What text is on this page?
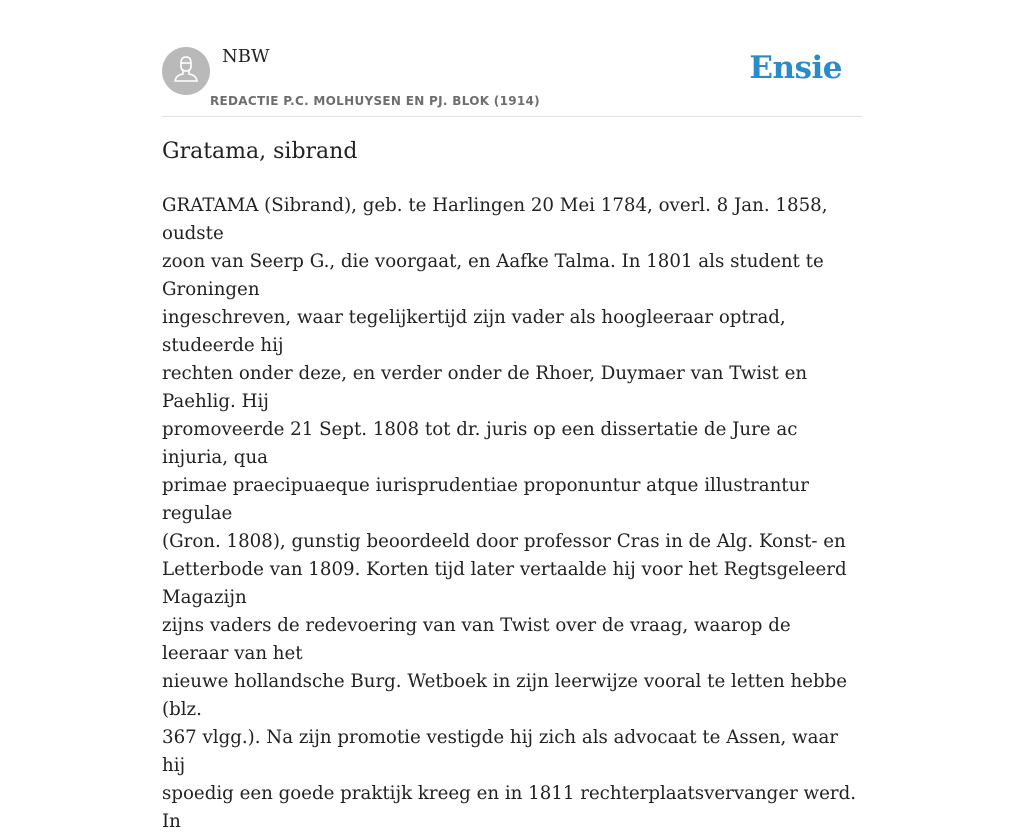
NBW
REDACTIE P.C. MOLHUYSEN EN PJ. BLOK (1914)
Ensie
Gratama, sibrand
GRATAMA (Sibrand), geb. te Harlingen 20 Mei 1784, overl. 8 Jan. 1858, oudste
zoon van Seerp G., die voorgaat, en Aafke Talma. In 1801 als student te Groningen
ingeschreven, waar tegelijkertijd zijn vader als hoogleeraar optrad, studeerde hij
rechten onder deze, en verder onder de Rhoer, Duymaer van Twist en Paehlig. Hij
promoveerde 21 Sept. 1808 tot dr. juris op een dissertatie de Jure ac injuria, qua
primae praecipuaeque iurisprudentiae proponuntur atque illustrantur regulae
(Gron. 1808), gunstig beoordeeld door professor Cras in de Alg. Konst- en
Letterbode van 1809. Korten tijd later vertaalde hij voor het Regtsgeleerd Magazijn
zijns vaders de redevoering van van Twist over de vraag, waarop de leeraar van het
nieuwe hollandsche Burg. Wetboek in zijn leerwijze vooral te letten hebbe (blz.
367 vlgg.). Na zijn promotie vestigde hij zich als advocaat te Assen, waar hij
spoedig een goede praktijk kreeg en in 1811 rechterplaatsvervanger werd. In
